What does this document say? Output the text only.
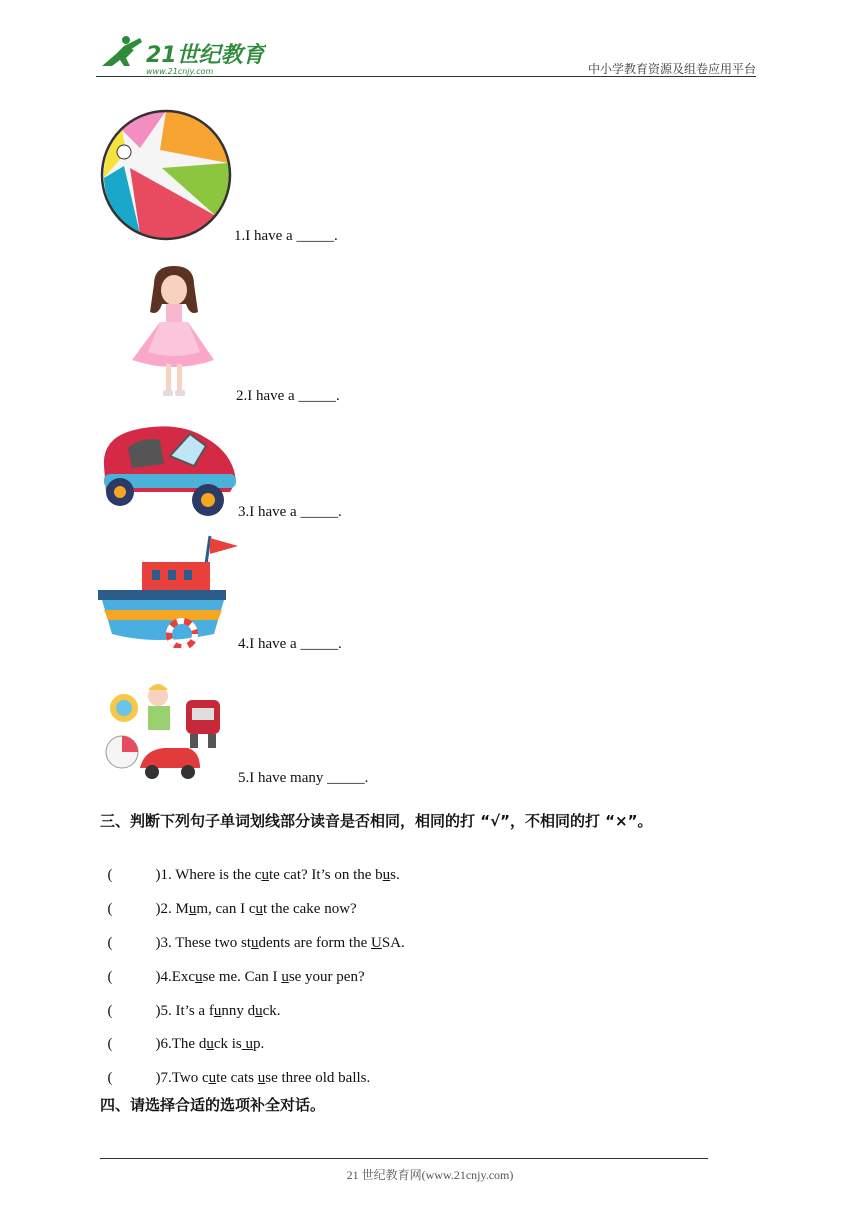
21世纪教育
www.21cnjy.com	中小学教育资源及组卷应用平台
1.I have a _____.
2.I have a _____.
3.I have a _____.
4.I have a _____.
5.I have many _____.
三、判断下列句子单词划线部分读音是否相同，相同的打 “√”，不相同的打 “×”。

(	)1. Where is the cute cat? It’s on the bus.

(	)2. Mum, can I cut the cake now?

(	)3. These two students are form the USA.

(	)4.Excuse me. Can I use your pen?

(	)5. It’s a funny duck.

(	)6.The duck is up.

(	)7.Two cute cats use three old balls.

四、请选择合适的选项补全对话。
21 世纪教育网(www.21cnjy.com)
